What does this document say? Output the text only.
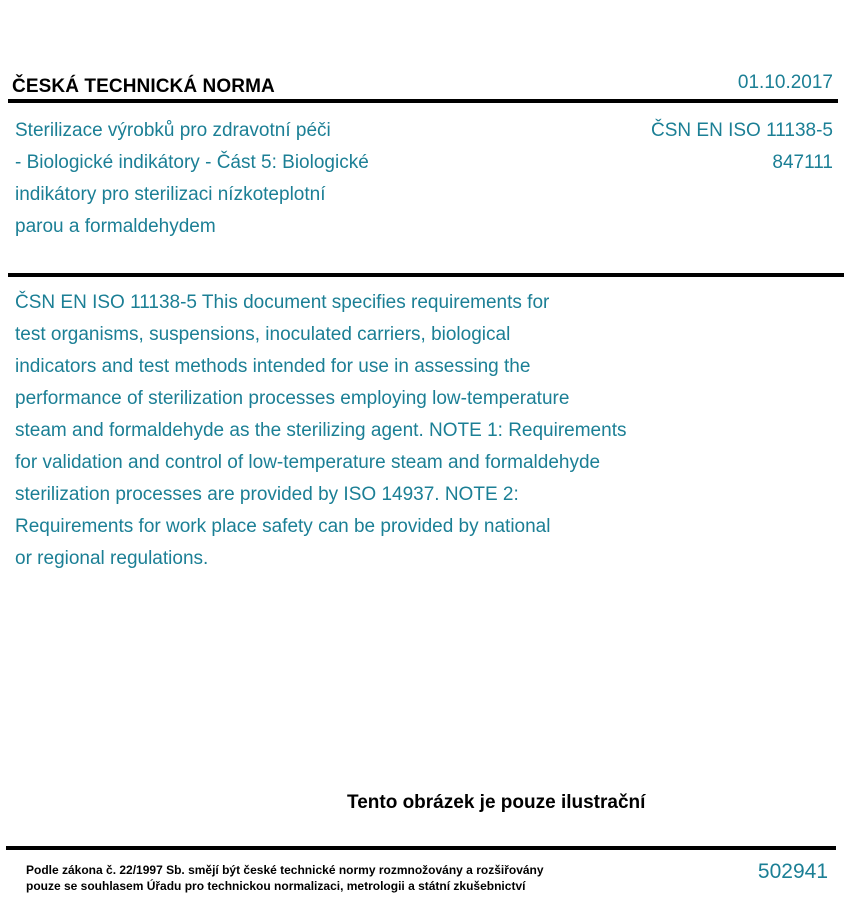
ČESKÁ TECHNICKÁ NORMA	01.10.2017
Sterilizace výrobků pro zdravotní péči
- Biologické indikátory - Část 5: Biologické
indikátory pro sterilizaci nízkoteplotní
parou a formaldehydem
ČSN EN ISO 11138-5
847111
ČSN EN ISO 11138-5 This document specifies requirements for
test organisms, suspensions, inoculated carriers, biological
indicators and test methods intended for use in assessing the
performance of sterilization processes employing low-temperature
steam and formaldehyde as the sterilizing agent. NOTE 1: Requirements
for validation and control of low-temperature steam and formaldehyde
sterilization processes are provided by ISO 14937. NOTE 2:
Requirements for work place safety can be provided by national
or regional regulations.
Tento obrázek je pouze ilustrační
Podle zákona č. 22/1997 Sb. smějí být české technické normy rozmnožovány a rozšiřovány
pouze se souhlasem Úřadu pro technickou normalizaci, metrologii a státní zkušebnictví
502941
